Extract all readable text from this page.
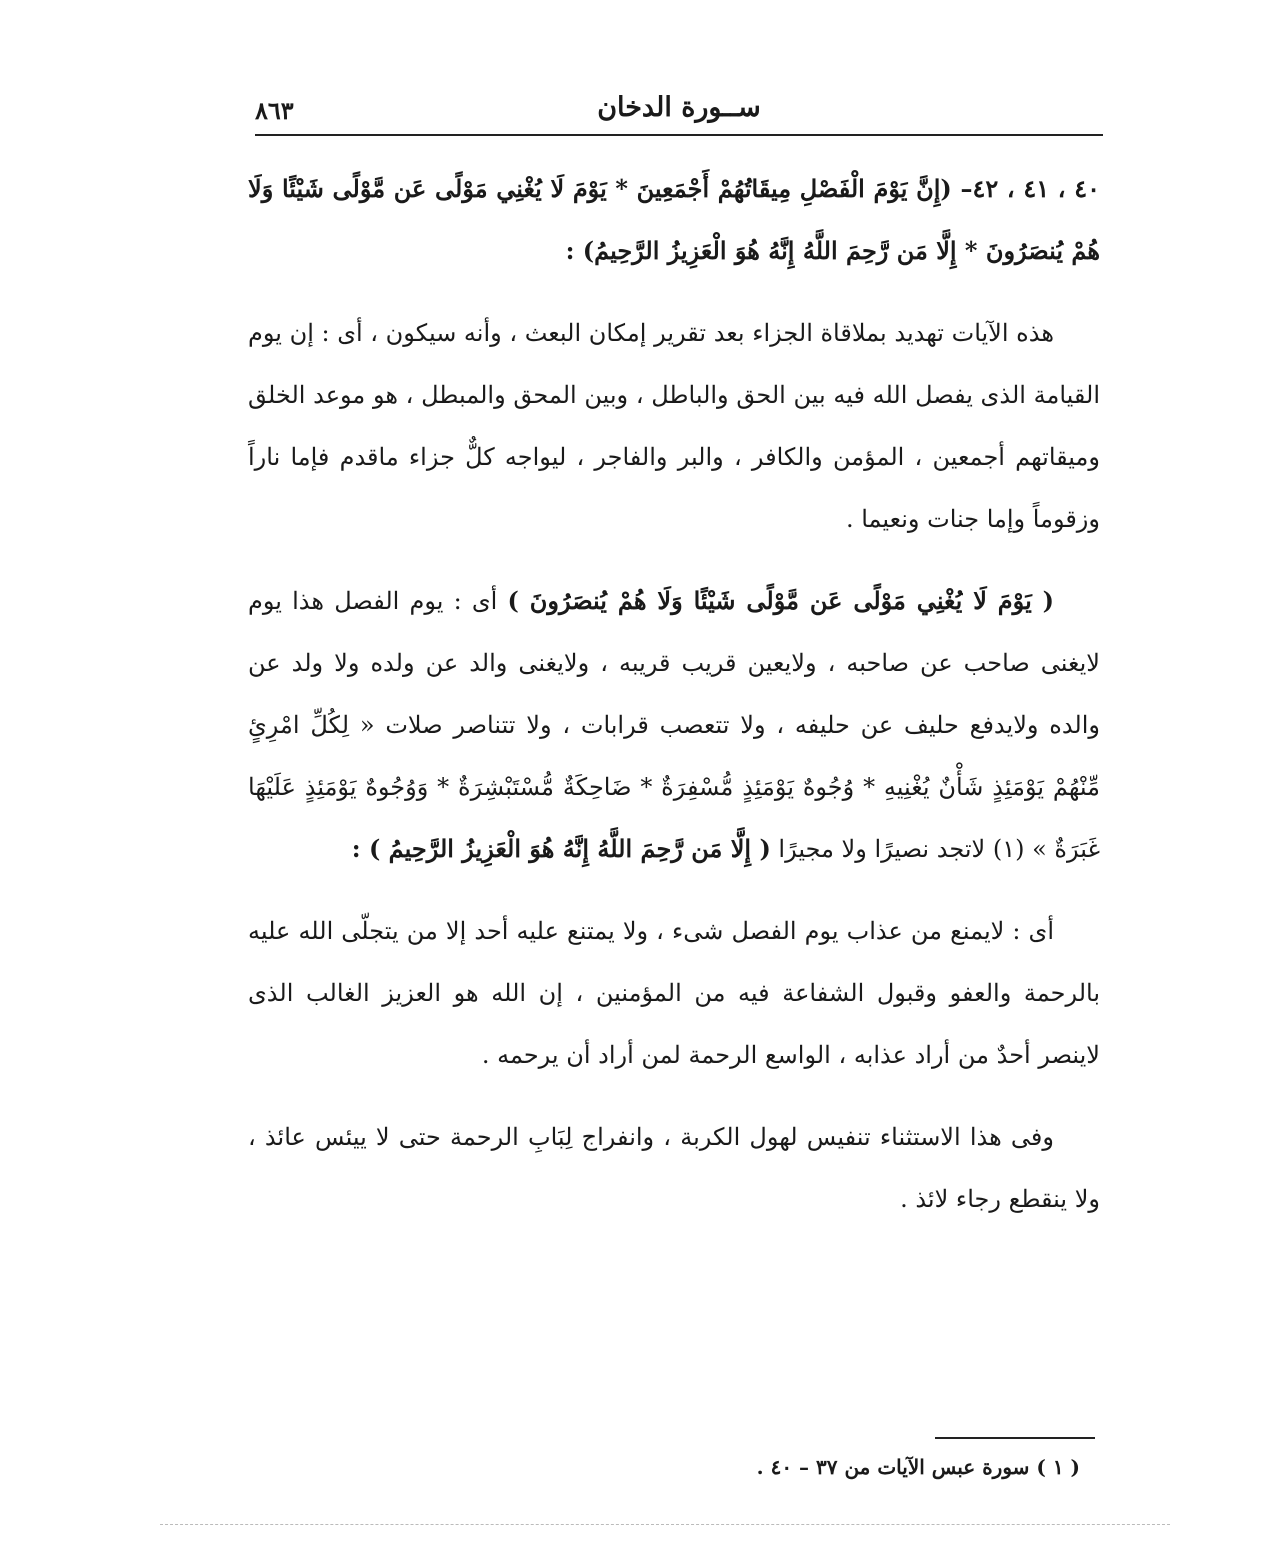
ســورة الدخان
٨٦٣

٤٠ ، ٤١ ، ٤٢– (إِنَّ يَوْمَ الْفَصْلِ مِيقَاتُهُمْ أَجْمَعِينَ * يَوْمَ لَا يُغْنِي مَوْلًى عَن مَّوْلًى شَيْئًا وَلَا هُمْ يُنصَرُونَ * إِلَّا مَن رَّحِمَ اللَّهُ إِنَّهُ هُوَ الْعَزِيزُ الرَّحِيمُ) :

هذه الآيات تهديد بملاقاة الجزاء بعد تقرير إمكان البعث ، وأنه سيكون ، أى : إن يوم القيامة الذى يفصل الله فيه بين الحق والباطل ، وبين المحق والمبطل ، هو موعد الخلق وميقاتهم أجمعين ، المؤمن والكافر ، والبر والفاجر ، ليواجه كلٌّ جزاء ماقدم فإما ناراً وزقوماً وإما جنات ونعيما .

( يَوْمَ لَا يُغْنِي مَوْلًى عَن مَّوْلًى شَيْئًا وَلَا هُمْ يُنصَرُونَ ) أى : يوم الفصل هذا يوم لايغنى صاحب عن صاحبه ، ولايعين قريب قريبه ، ولايغنى والد عن ولده ولا ولد عن والده ولايدفع حليف عن حليفه ، ولا تتعصب قرابات ، ولا تتناصر صلات « لِكُلِّ امْرِئٍ مِّنْهُمْ يَوْمَئِذٍ شَأْنٌ يُغْنِيهِ * وُجُوهٌ يَوْمَئِذٍ مُّسْفِرَةٌ * ضَاحِكَةٌ مُّسْتَبْشِرَةٌ * وَوُجُوهٌ يَوْمَئِذٍ عَلَيْهَا غَبَرَةٌ » (١) لاتجد نصيرًا ولا مجيرًا ( إِلَّا مَن رَّحِمَ اللَّهُ إِنَّهُ هُوَ الْعَزِيزُ الرَّحِيمُ ) :

أى : لايمنع من عذاب يوم الفصل شىء ، ولا يمتنع عليه أحد إلا من يتجلّى الله عليه بالرحمة والعفو وقبول الشفاعة فيه من المؤمنين ، إن الله هو العزيز الغالب الذى لاينصر أحدٌ من أراد عذابه ، الواسع الرحمة لمن أراد أن يرحمه .

وفى هذا الاستثناء تنفيس لهول الكربة ، وانفراج لِبَابِ الرحمة حتى لا ييئس عائذ ، ولا ينقطع رجاء لائذ .

( ١ ) سورة عبس الآيات من ٣٧ – ٤٠ .
